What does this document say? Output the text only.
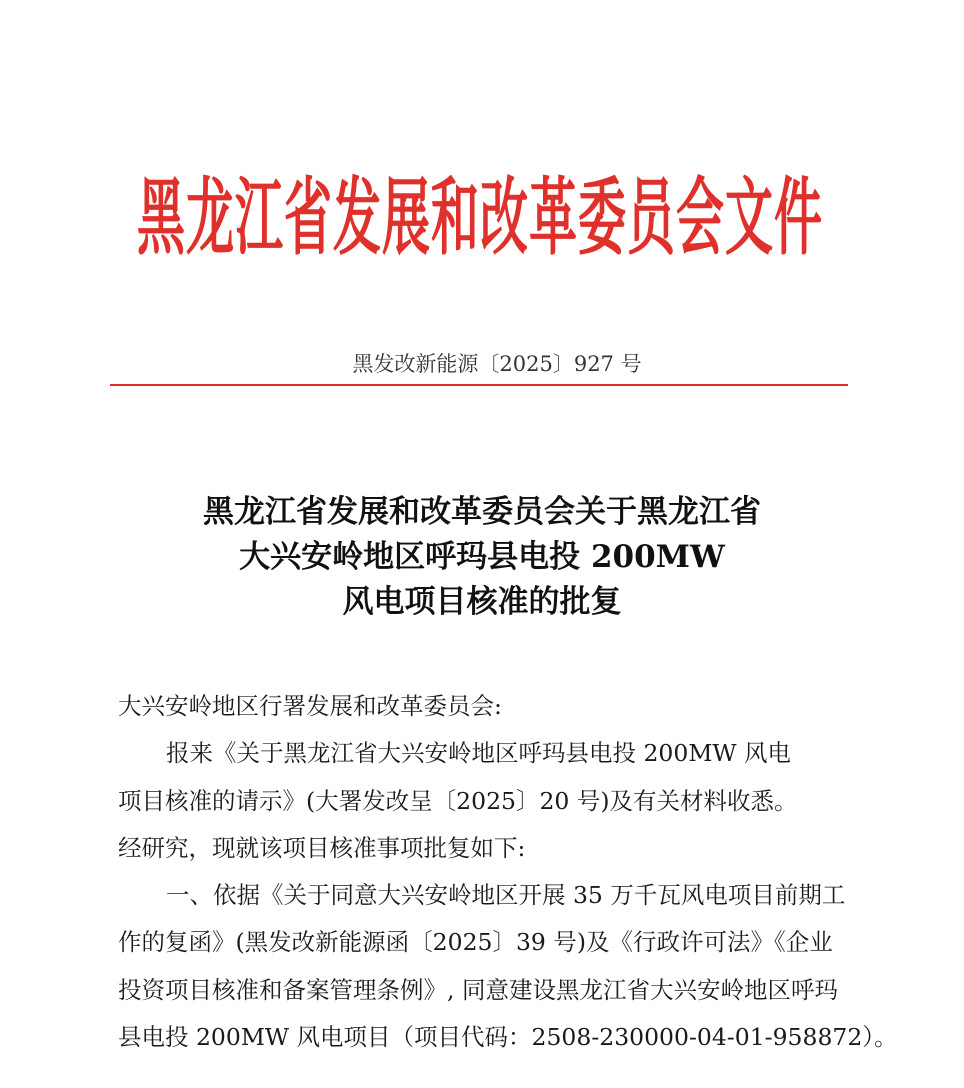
黑龙江省发展和改革委员会文件
黑发改新能源〔2025〕927 号
黑龙江省发展和改革委员会关于黑龙江省
大兴安岭地区呼玛县电投 200MW
风电项目核准的批复
大兴安岭地区行署发展和改革委员会:
报来《关于黑龙江省大兴安岭地区呼玛县电投 200MW 风电
项目核准的请示》(大署发改呈〔2025〕20 号)及有关材料收悉。
经研究，现就该项目核准事项批复如下:
一、依据《关于同意大兴安岭地区开展 35 万千瓦风电项目前期工
作的复函》(黑发改新能源函〔2025〕39 号)及《行政许可法》《企业
投资项目核准和备案管理条例》, 同意建设黑龙江省大兴安岭地区呼玛
县电投 200MW 风电项目（项目代码：2508-230000-04-01-958872）。
